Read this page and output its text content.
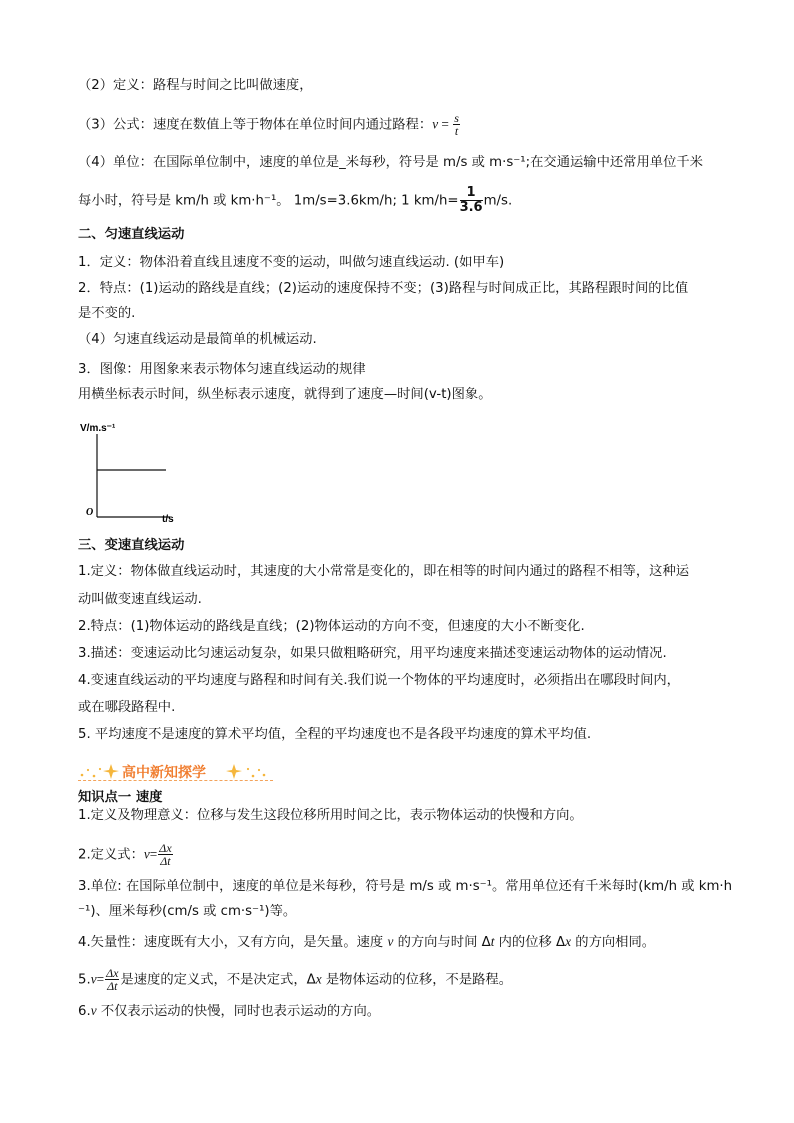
（2）定义：路程与时间之比叫做速度，
（3）公式：速度在数值上等于物体在单位时间内通过路程：$v = \frac{s}{t}$
（4）单位：在国际单位制中，速度的单位是_米每秒，符号是 m/s 或 m·s⁻¹;在交通运输中还常用单位千米
每小时，符号是 km/h 或 km·h⁻¹。 1m/s=3.6km/h; 1 $km/h= \frac{1}{3.6} m/s$.
二、匀速直线运动
1．定义：物体沿着直线且速度不变的运动，叫做匀速直线运动. (如甲车)
2．特点：(1)运动的路线是直线；(2)运动的速度保持不变；(3)路程与时间成正比，其路程跟时间的比值
是不变的.
（4）匀速直线运动是最简单的机械运动.
3．图像：用图象来表示物体匀速直线运动的规律
用横坐标表示时间，纵坐标表示速度，就得到了速度—时间(v-t)图象。
V/m.s⁻¹
t/s
O
三、变速直线运动
1.定义：物体做直线运动时，其速度的大小常常是变化的，即在相等的时间内通过的路程不相等，这种运
动叫做变速直线运动.
2.特点：(1)物体运动的路线是直线；(2)物体运动的方向不变，但速度的大小不断变化.
3.描述：变速运动比匀速运动复杂，如果只做粗略研究，用平均速度来描述变速运动物体的运动情况.
4.变速直线运动的平均速度与路程和时间有关.我们说一个物体的平均速度时，必须指出在哪段时间内，
或在哪段路程中.
5. 平均速度不是速度的算术平均值，全程的平均速度也不是各段平均速度的算术平均值.
高中新知探学
知识点一 速度
1.定义及物理意义：位移与发生这段位移所用时间之比，表示物体运动的快慢和方向。
2.定义式：$v= \frac{\Delta x}{\Delta t}$
3.单位: 在国际单位制中，速度的单位是米每秒，符号是 m/s 或 m·s⁻¹。常用单位还有千米每时(km/h 或 km·h
⁻¹)、厘米每秒(cm/s 或 cm·s⁻¹)等。
4.矢量性：速度既有大小，又有方向，是矢量。速度 v 的方向与时间 Δt 内的位移 Δx 的方向相同。
$5.v= \frac{\Delta x}{\Delta t}$ 是速度的定义式，不是决定式，Δx 是物体运动的位移，不是路程。
6.v 不仅表示运动的快慢，同时也表示运动的方向。
